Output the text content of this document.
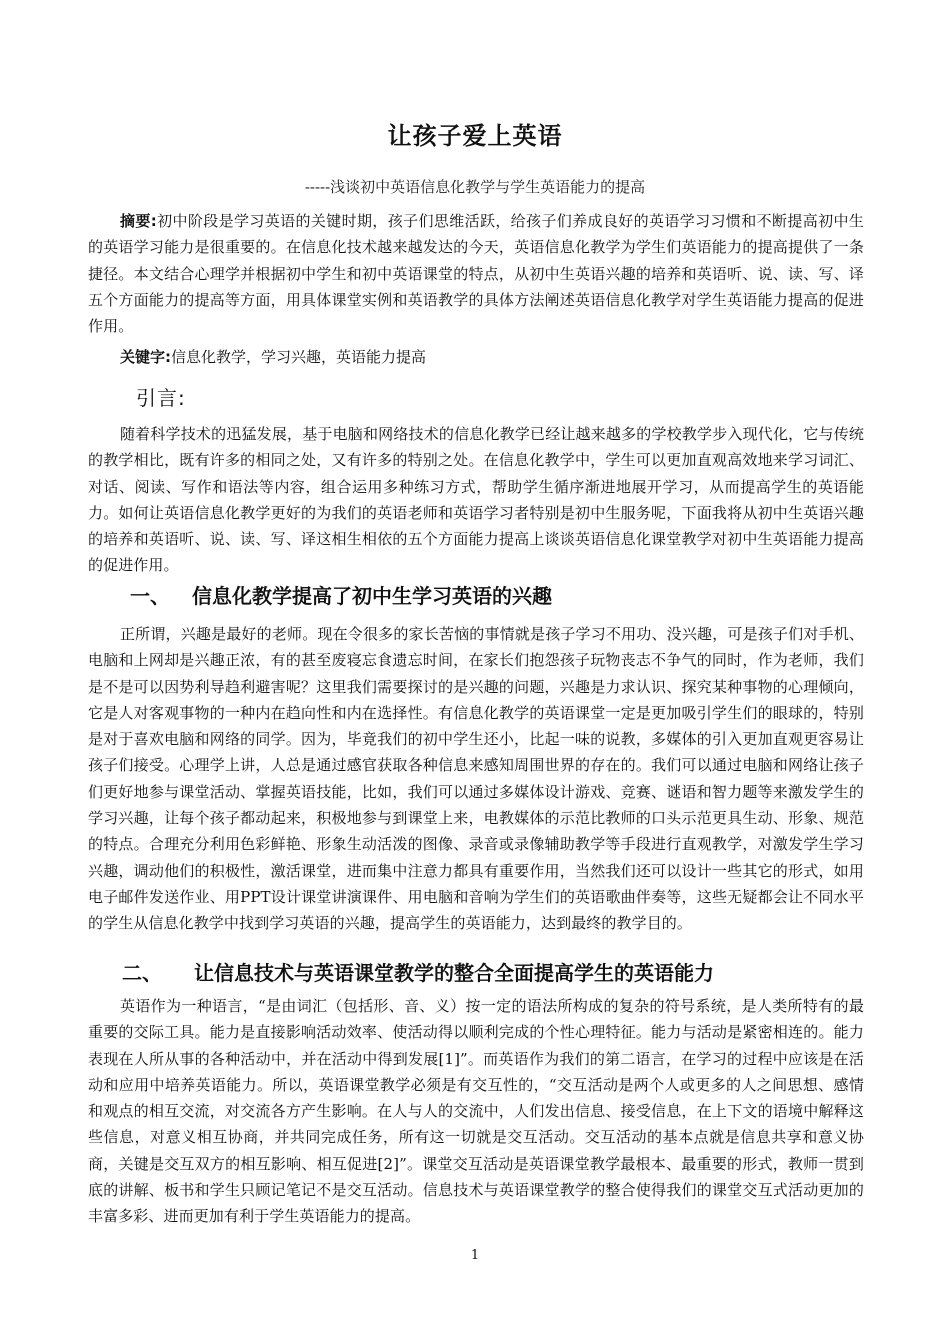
让孩子爱上英语
-----浅谈初中英语信息化教学与学生英语能力的提高
摘要:初中阶段是学习英语的关键时期，孩子们思维活跃，给孩子们养成良好的英语学习习惯和不断提高初中生的英语学习能力是很重要的。在信息化技术越来越发达的今天，英语信息化教学为学生们英语能力的提高提供了一条捷径。本文结合心理学并根据初中学生和初中英语课堂的特点，从初中生英语兴趣的培养和英语听、说、读、写、译五个方面能力的提高等方面，用具体课堂实例和英语教学的具体方法阐述英语信息化教学对学生英语能力提高的促进作用。
关键字:信息化教学，学习兴趣，英语能力提高
引言:
随着科学技术的迅猛发展，基于电脑和网络技术的信息化教学已经让越来越多的学校教学步入现代化，它与传统的教学相比，既有许多的相同之处，又有许多的特别之处。在信息化教学中，学生可以更加直观高效地来学习词汇、对话、阅读、写作和语法等内容，组合运用多种练习方式，帮助学生循序渐进地展开学习，从而提高学生的英语能力。如何让英语信息化教学更好的为我们的英语老师和英语学习者特别是初中生服务呢，下面我将从初中生英语兴趣的培养和英语听、说、读、写、译这相生相依的五个方面能力提高上谈谈英语信息化课堂教学对初中生英语能力提高的促进作用。
一、 信息化教学提高了初中生学习英语的兴趣
正所谓，兴趣是最好的老师。现在令很多的家长苦恼的事情就是孩子学习不用功、没兴趣，可是孩子们对手机、电脑和上网却是兴趣正浓，有的甚至废寝忘食遗忘时间，在家长们抱怨孩子玩物丧志不争气的同时，作为老师，我们是不是可以因势利导趋利避害呢？这里我们需要探讨的是兴趣的问题，兴趣是力求认识、探究某种事物的心理倾向，它是人对客观事物的一种内在趋向性和内在选择性。有信息化教学的英语课堂一定是更加吸引学生们的眼球的，特别是对于喜欢电脑和网络的同学。因为，毕竟我们的初中学生还小，比起一味的说教，多媒体的引入更加直观更容易让孩子们接受。心理学上讲，人总是通过感官获取各种信息来感知周围世界的存在的。我们可以通过电脑和网络让孩子们更好地参与课堂活动、掌握英语技能，比如，我们可以通过多媒体设计游戏、竞赛、谜语和智力题等来激发学生的学习兴趣，让每个孩子都动起来，积极地参与到课堂上来，电教媒体的示范比教师的口头示范更具生动、形象、规范的特点。合理充分利用色彩鲜艳、形象生动活泼的图像、录音或录像辅助教学等手段进行直观教学，对激发学生学习兴趣，调动他们的积极性，激活课堂，进而集中注意力都具有重要作用，当然我们还可以设计一些其它的形式，如用电子邮件发送作业、用PPT设计课堂讲演课件、用电脑和音响为学生们的英语歌曲伴奏等，这些无疑都会让不同水平的学生从信息化教学中找到学习英语的兴趣，提高学生的英语能力，达到最终的教学目的。
二、 让信息技术与英语课堂教学的整合全面提高学生的英语能力
英语作为一种语言，“是由词汇（包括形、音、义）按一定的语法所构成的复杂的符号系统，是人类所特有的最重要的交际工具。能力是直接影响活动效率、使活动得以顺利完成的个性心理特征。能力与活动是紧密相连的。能力表现在人所从事的各种活动中，并在活动中得到发展[1]”。而英语作为我们的第二语言，在学习的过程中应该是在活动和应用中培养英语能力。所以，英语课堂教学必须是有交互性的，“交互活动是两个人或更多的人之间思想、感情和观点的相互交流，对交流各方产生影响。在人与人的交流中，人们发出信息、接受信息，在上下文的语境中解释这些信息，对意义相互协商，并共同完成任务，所有这一切就是交互活动。交互活动的基本点就是信息共享和意义协商，关键是交互双方的相互影响、相互促进[2]”。课堂交互活动是英语课堂教学最根本、最重要的形式，教师一贯到底的讲解、板书和学生只顾记笔记不是交互活动。信息技术与英语课堂教学的整合使得我们的课堂交互式活动更加的丰富多彩、进而更加有利于学生英语能力的提高。
1
